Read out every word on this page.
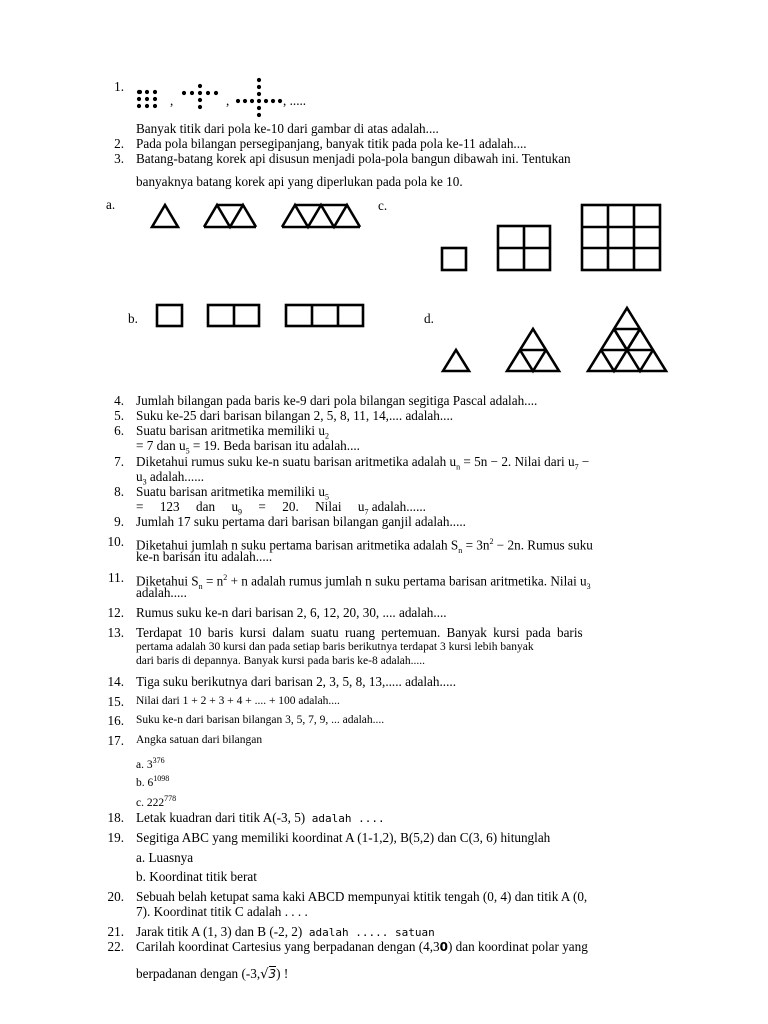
1.
,	,	, .....
Banyak titik dari pola ke-10 dari gambar di atas adalah....
2. Pada pola bilangan persegipanjang, banyak titik pada pola ke-11 adalah....
3. Batang-batang korek api disusun menjadi pola-pola bangun dibawah ini. Tentukan
banyaknya batang korek api yang diperlukan pada pola ke 10.
a.	c.
b.	d.
4. Jumlah bilangan pada baris ke-9 dari pola bilangan segitiga Pascal adalah....
5. Suku ke-25 dari barisan bilangan 2, 5, 8, 11, 14,.... adalah....
6. Suatu barisan aritmetika memiliki $u_2$
= 7 dan $u_5 = 19$. Beda barisan itu adalah....
7. Diketahui rumus suku ke-n suatu barisan aritmetika adalah $u_n = 5n - 2$. Nilai dari $u_7$ −
$u_3$ adalah......
8. Suatu barisan aritmetika memiliki $u_5$
= 123 dan $u_9 = 20$. Nilai $u_7$ adalah......
9. Jumlah 17 suku pertama dari barisan bilangan ganjil adalah.....
10. Diketahui jumlah n suku pertama barisan aritmetika adalah $S_n = 3n^2 - 2n$. Rumus suku
ke-n barisan itu adalah.....
11. Diketahui $S_n = n^2 + n$ adalah rumus jumlah n suku pertama barisan aritmetika. Nilai $u_3$
adalah.....
12. Rumus suku ke-n dari barisan 2, 6, 12, 20, 30, .... adalah....
13. Terdapat 10 baris kursi dalam suatu ruang pertemuan. Banyak kursi pada baris
pertama adalah 30 kursi dan pada setiap baris berikutnya terdapat 3 kursi lebih banyak
dari baris di depannya. Banyak kursi pada baris ke-8 adalah.....
14. Tiga suku berikutnya dari barisan 2, 3, 5, 8, 13,..... adalah.....
15. Nilai dari 1 + 2 + 3 + 4 + .... + 100 adalah....
16. Suku ke-n dari barisan bilangan 3, 5, 7, 9, ... adalah....
17. Angka satuan dari bilangan
a. $3^{376}$
b. $6^{1098}$
c. $222^{778}$
18. Letak kuadran dari titik A(-3, 5) adalah ....
19. Segitiga ABC yang memiliki koordinat A (1-1,2), B(5,2) dan C(3, 6) hitunglah
a. Luasnya
b. Koordinat titik berat
20. Sebuah belah ketupat sama kaki ABCD mempunyai ktitik tengah (0, 4) dan titik A (0,
7). Koordinat titik C adalah . . . .
21. Jarak titik A (1, 3) dan B (-2, 2) adalah ..... satuan
22. Carilah koordinat Cartesius yang berpadanan dengan (4,30) dan koordinat polar yang
berpadanan dengan (-3,√3) !
